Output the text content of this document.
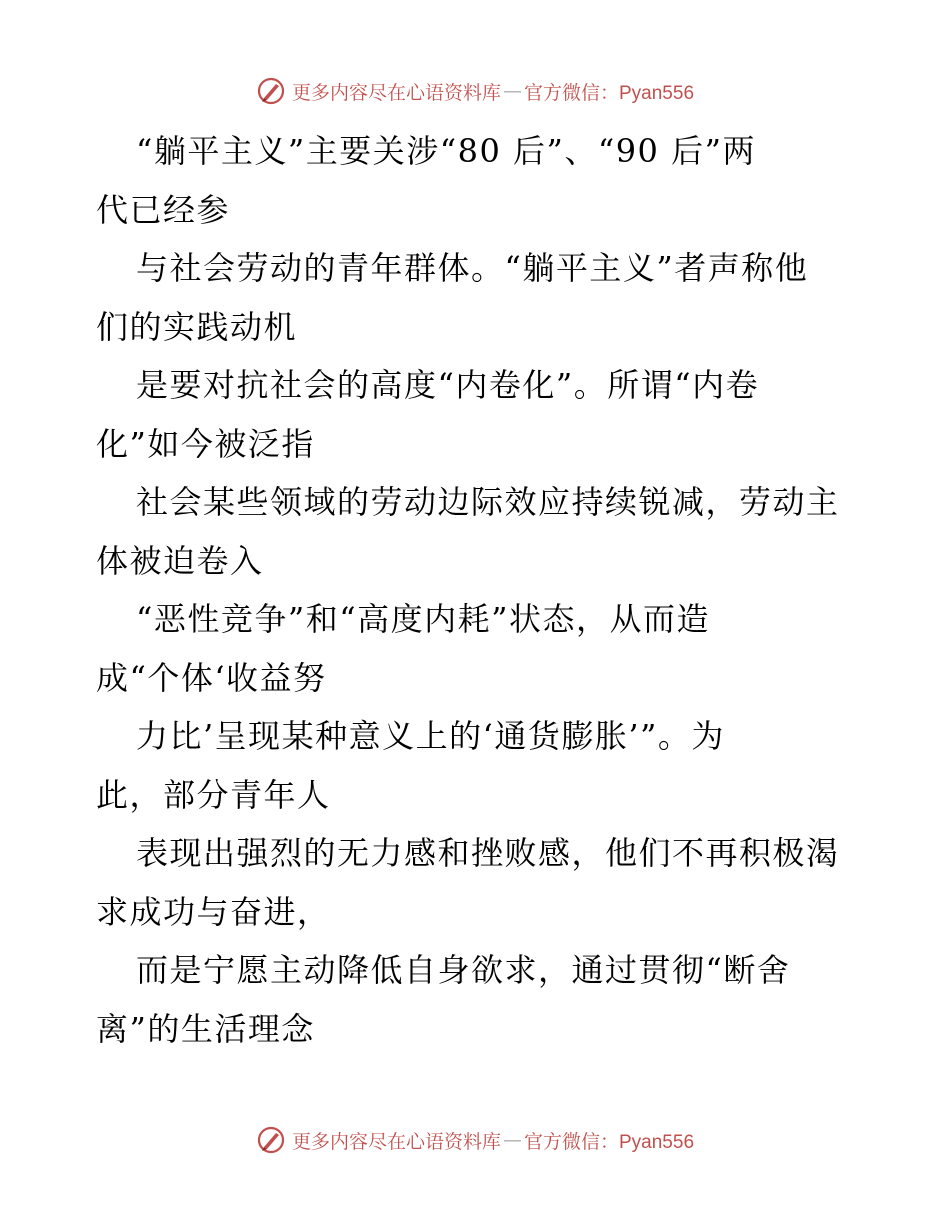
更多内容尽在心语资料库 — 官方微信：Pyan556
“躺平主义”主要关涉“80 后”、“90 后”两
代已经参
与社会劳动的青年群体。“躺平主义”者声称他
们的实践动机
是要对抗社会的高度“内卷化”。所谓“内卷
化”如今被泛指
社会某些领域的劳动边际效应持续锐减，劳动主
体被迫卷入
“恶性竞争”和“高度内耗”状态，从而造
成“个体‘收益努
力比’呈现某种意义上的‘通货膨胀’”。为
此，部分青年人
表现出强烈的无力感和挫败感，他们不再积极渴
求成功与奋进，
而是宁愿主动降低自身欲求，通过贯彻“断舍
离”的生活理念
更多内容尽在心语资料库 — 官方微信：Pyan556
